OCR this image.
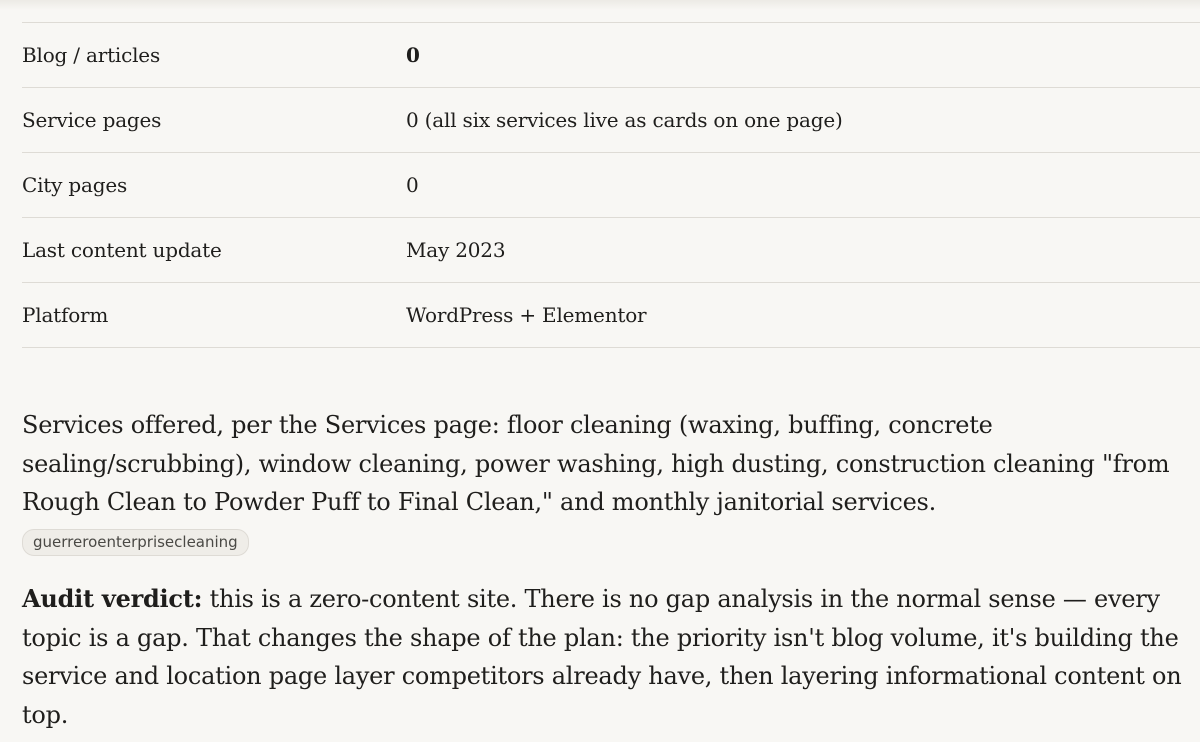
Blog / articles	0
Service pages	0 (all six services live as cards on one page)
City pages	0
Last content update	May 2023
Platform	WordPress + Elementor

Services offered, per the Services page: floor cleaning (waxing, buffing, concrete sealing/scrubbing), window cleaning, power washing, high dusting, construction cleaning "from Rough Clean to Powder Puff to Final Clean," and monthly janitorial services.

guerreroenterprisecleaning

Audit verdict: this is a zero-content site. There is no gap analysis in the normal sense — every topic is a gap. That changes the shape of the plan: the priority isn't blog volume, it's building the service and location page layer competitors already have, then layering informational content on top.
